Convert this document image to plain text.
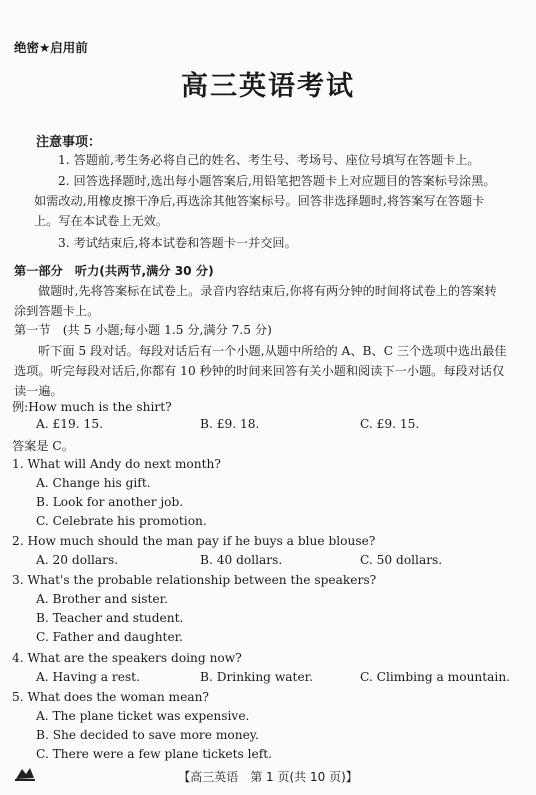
绝密★启用前
高三英语考试
注意事项：
1. 答题前,考生务必将自己的姓名、考生号、考场号、座位号填写在答题卡上。
2. 回答选择题时,选出每小题答案后,用铅笔把答题卡上对应题目的答案标号涂黑。如需改动,用橡皮擦干净后,再选涂其他答案标号。回答非选择题时,将答案写在答题卡上。写在本试卷上无效。
3. 考试结束后,将本试卷和答题卡一并交回。
第一部分　听力(共两节,满分 30 分)
做题时,先将答案标在试卷上。录音内容结束后,你将有两分钟的时间将试卷上的答案转涂到答题卡上。
第一节　(共 5 小题;每小题 1.5 分,满分 7.5 分)
听下面 5 段对话。每段对话后有一个小题,从题中所给的 A、B、C 三个选项中选出最佳选项。听完每段对话后,你都有 10 秒钟的时间来回答有关小题和阅读下一小题。每段对话仅读一遍。
例:How much is the shirt?
A. £19. 15.	B. £9. 18.	C. £9. 15.
答案是 C。
1. What will Andy do next month?
A. Change his gift.
B. Look for another job.
C. Celebrate his promotion.
2. How much should the man pay if he buys a blue blouse?
A. 20 dollars.	B. 40 dollars.	C. 50 dollars.
3. What's the probable relationship between the speakers?
A. Brother and sister.
B. Teacher and student.
C. Father and daughter.
4. What are the speakers doing now?
A. Having a rest.	B. Drinking water.	C. Climbing a mountain.
5. What does the woman mean?
A. The plane ticket was expensive.
B. She decided to save more money.
C. There were a few plane tickets left.
【高三英语　第 1 页(共 10 页)】
